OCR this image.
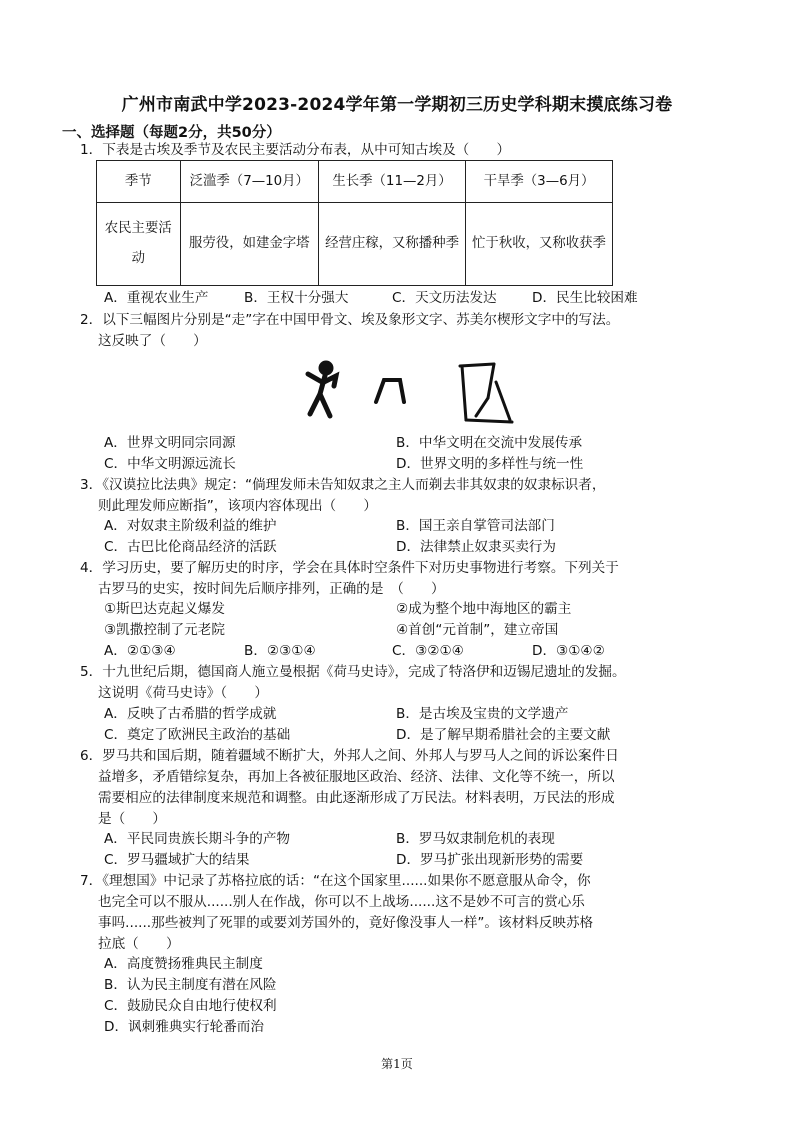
广州市南武中学2023-2024学年第一学期初三历史学科期末摸底练习卷
一、选择题（每题2分，共50分）
1．下表是古埃及季节及农民主要活动分布表，从中可知古埃及（　　）
季节	泛滥季（7—10月）	生长季（11—2月）	干旱季（3—6月）
农民主要活动	服劳役，如建金字塔	经营庄稼，又称播种季	忙于秋收，又称收获季
A．重视农业生产	B．王权十分强大	C．天文历法发达	D．民生比较困难
2．以下三幅图片分别是“走”字在中国甲骨文、埃及象形文字、苏美尔楔形文字中的写法。
这反映了（　　）
A．世界文明同宗同源	B．中华文明在交流中发展传承
C．中华文明源远流长	D．世界文明的多样性与统一性
3．《汉谟拉比法典》规定：“倘理发师未告知奴隶之主人而剃去非其奴隶的奴隶标识者，
则此理发师应断指”，该项内容体现出（　　）
A．对奴隶主阶级利益的维护	B．国王亲自掌管司法部门
C．古巴比伦商品经济的活跃	D．法律禁止奴隶买卖行为
4．学习历史，要了解历史的时序，学会在具体时空条件下对历史事物进行考察。下列关于
古罗马的史实，按时间先后顺序排列，正确的是　（　　）
①斯巴达克起义爆发	②成为整个地中海地区的霸主
③凯撒控制了元老院	④首创“元首制”，建立帝国
A．②①③④	B．②③①④	C．③②①④	D．③①④②
5．十九世纪后期，德国商人施立曼根据《荷马史诗》，完成了特洛伊和迈锡尼遗址的发掘。
这说明《荷马史诗》（　　）
A．反映了古希腊的哲学成就	B．是古埃及宝贵的文学遗产
C．奠定了欧洲民主政治的基础	D．是了解早期希腊社会的主要文献
6．罗马共和国后期，随着疆域不断扩大，外邦人之间、外邦人与罗马人之间的诉讼案件日
益增多，矛盾错综复杂，再加上各被征服地区政治、经济、法律、文化等不统一，所以
需要相应的法律制度来规范和调整。由此逐渐形成了万民法。材料表明，万民法的形成
是（　　）
A．平民同贵族长期斗争的产物	B．罗马奴隶制危机的表现
C．罗马疆域扩大的结果	D．罗马扩张出现新形势的需要
7．《理想国》中记录了苏格拉底的话：“在这个国家里......如果你不愿意服从命令，你
也完全可以不服从......别人在作战，你可以不上战场......这不是妙不可言的赏心乐
事吗......那些被判了死罪的或要刘芳国外的，竟好像没事人一样”。该材料反映苏格
拉底（　　）
A．高度赞扬雅典民主制度
B．认为民主制度有潜在风险
C．鼓励民众自由地行使权利
D．讽刺雅典实行轮番而治
第1页
